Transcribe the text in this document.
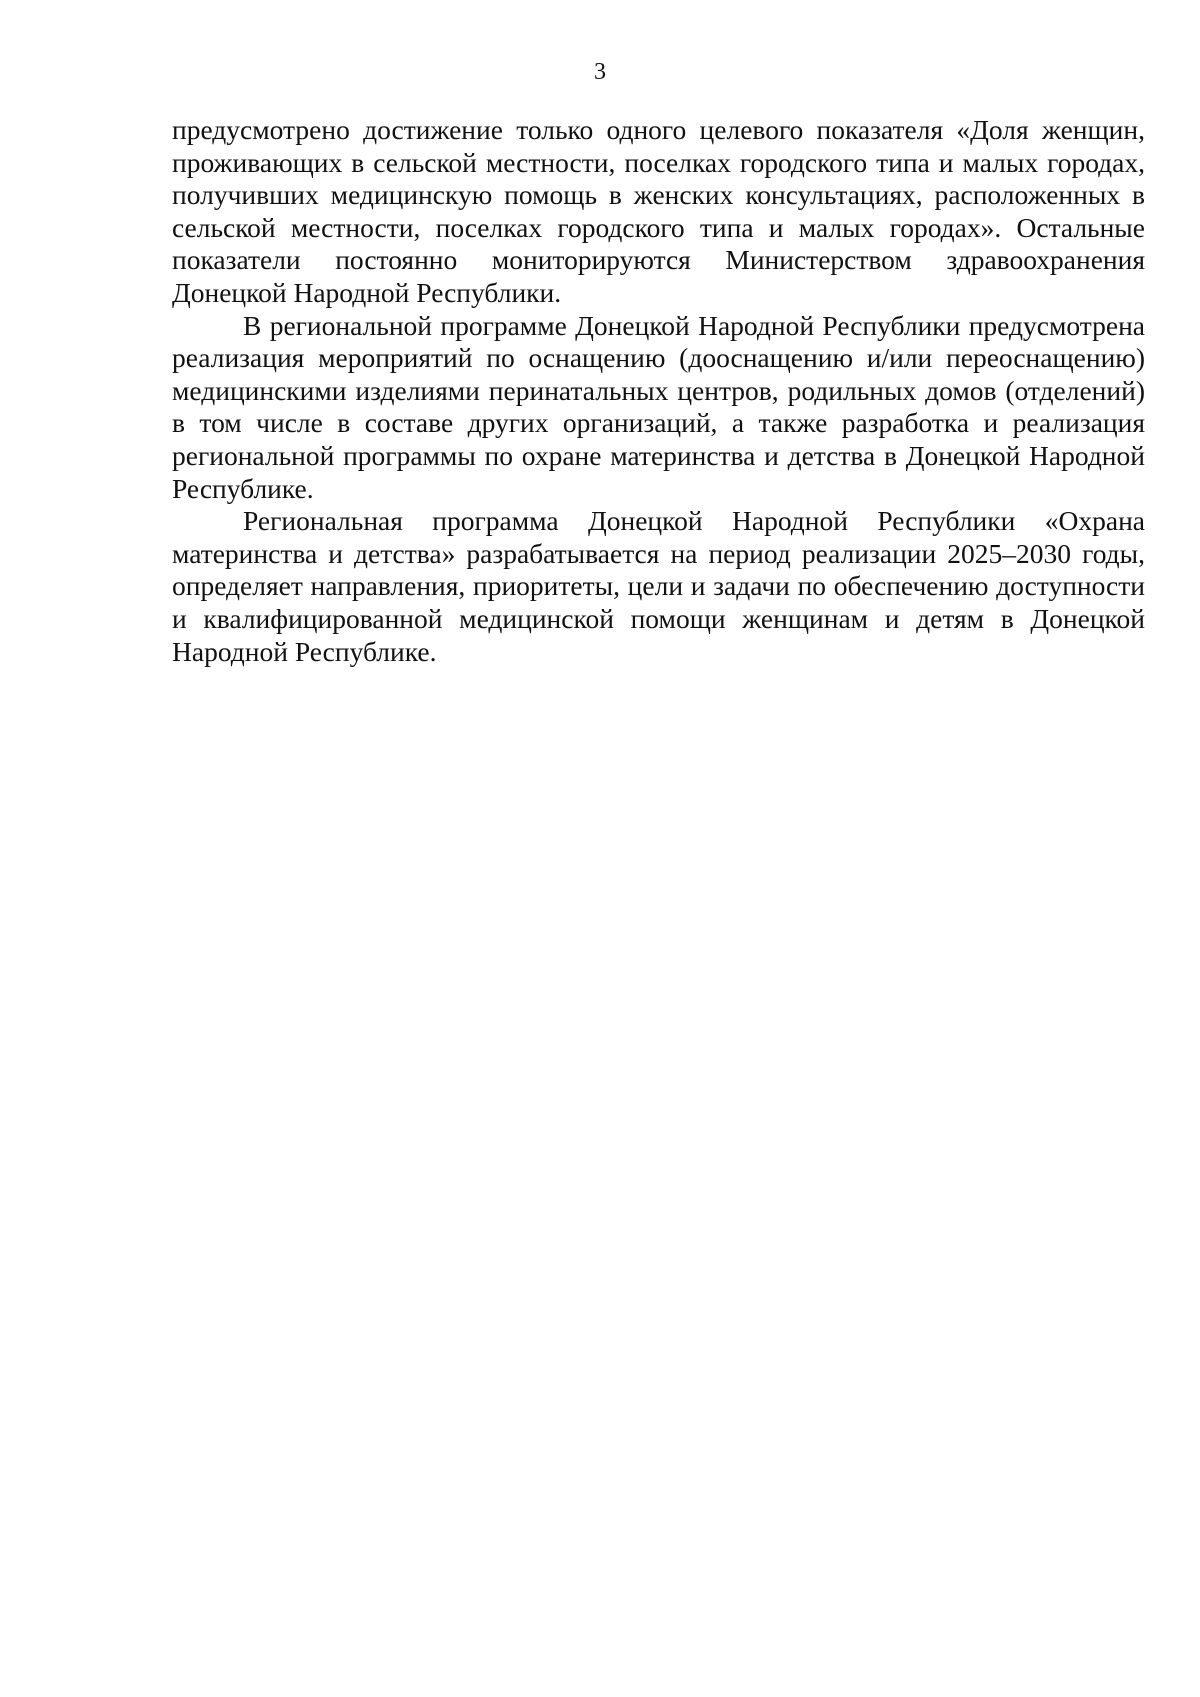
3

предусмотрено достижение только одного целевого показателя «Доля женщин, проживающих в сельской местности, поселках городского типа и малых городах, получивших медицинскую помощь в женских консультациях, расположенных в сельской местности, поселках городского типа и малых городах». Остальные показатели постоянно мониторируются Министерством здравоохранения Донецкой Народной Республики.

В региональной программе Донецкой Народной Республики предусмотрена реализация мероприятий по оснащению (дооснащению и/или переоснащению) медицинскими изделиями перинатальных центров, родильных домов (отделений) в том числе в составе других организаций, а также разработка и реализация региональной программы по охране материнства и детства в Донецкой Народной Республике.

Региональная программа Донецкой Народной Республики «Охрана материнства и детства» разрабатывается на период реализации 2025–2030 годы, определяет направления, приоритеты, цели и задачи по обеспечению доступности и квалифицированной медицинской помощи женщинам и детям в Донецкой Народной Республике.
